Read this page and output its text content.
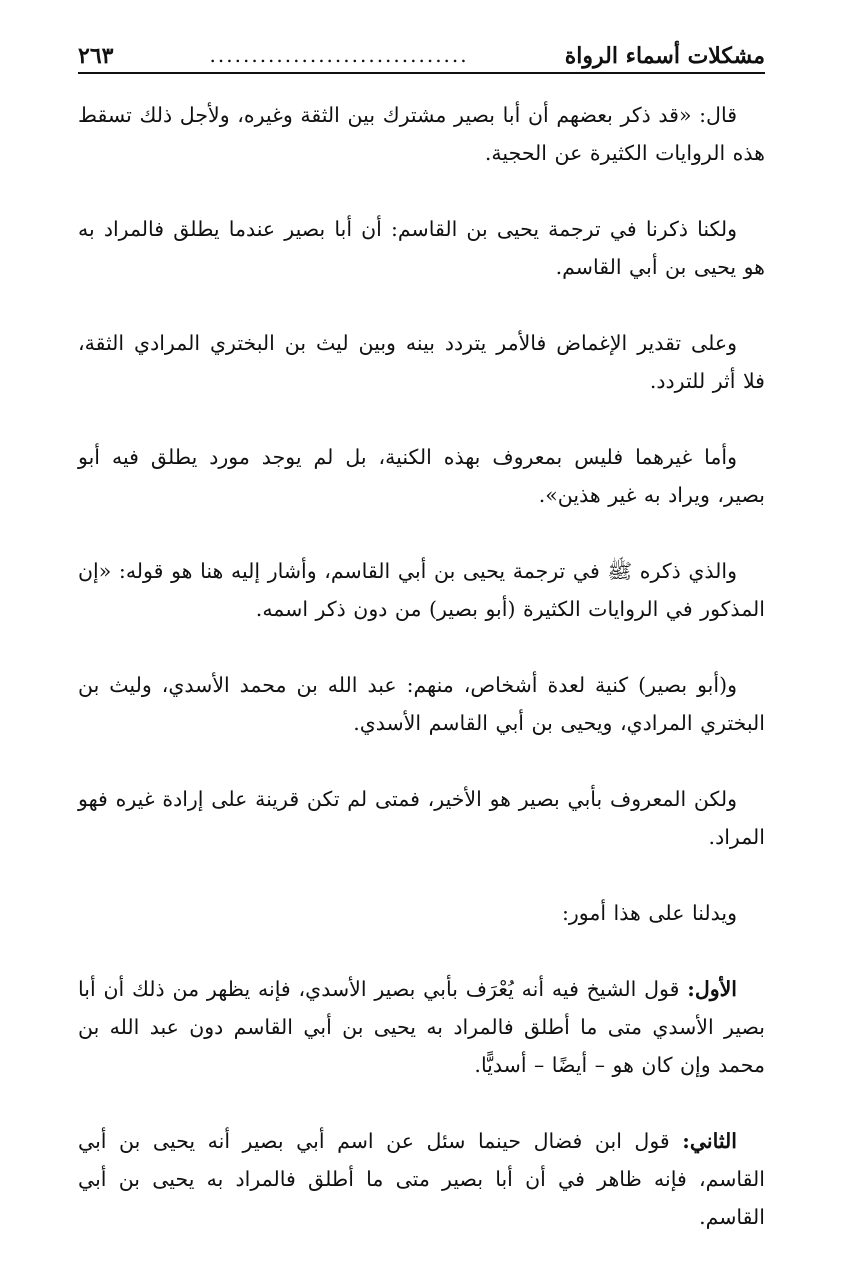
مشكلات أسماء الرواة
...............................
٢٦٣

قال: «قد ذكر بعضهم أن أبا بصير مشترك بين الثقة وغيره، ولأجل ذلك تسقط هذه الروايات الكثيرة عن الحجية.

ولكنا ذكرنا في ترجمة يحيى بن القاسم: أن أبا بصير عندما يطلق فالمراد به هو يحيى بن أبي القاسم.

وعلى تقدير الإغماض فالأمر يتردد بينه وبين ليث بن البختري المرادي الثقة، فلا أثر للتردد.

وأما غيرهما فليس بمعروف بهذه الكنية، بل لم يوجد مورد يطلق فيه أبو بصير، ويراد به غير هذين».

والذي ذكره ﷺ في ترجمة يحيى بن أبي القاسم، وأشار إليه هنا هو قوله: «إن المذكور في الروايات الكثيرة (أبو بصير) من دون ذكر اسمه.

و(أبو بصير) كنية لعدة أشخاص، منهم: عبد الله بن محمد الأسدي، وليث بن البختري المرادي، ويحيى بن أبي القاسم الأسدي.

ولكن المعروف بأبي بصير هو الأخير، فمتى لم تكن قرينة على إرادة غيره فهو المراد.

ويدلنا على هذا أمور:

الأول: قول الشيخ فيه أنه يُعْرَف بأبي بصير الأسدي، فإنه يظهر من ذلك أن أبا بصير الأسدي متى ما أطلق فالمراد به يحيى بن أبي القاسم دون عبد الله بن محمد وإن كان هو – أيضًا – أسديًّا.

الثاني: قول ابن فضال حينما سئل عن اسم أبي بصير أنه يحيى بن أبي القاسم، فإنه ظاهر في أن أبا بصير متى ما أطلق فالمراد به يحيى بن أبي القاسم.
